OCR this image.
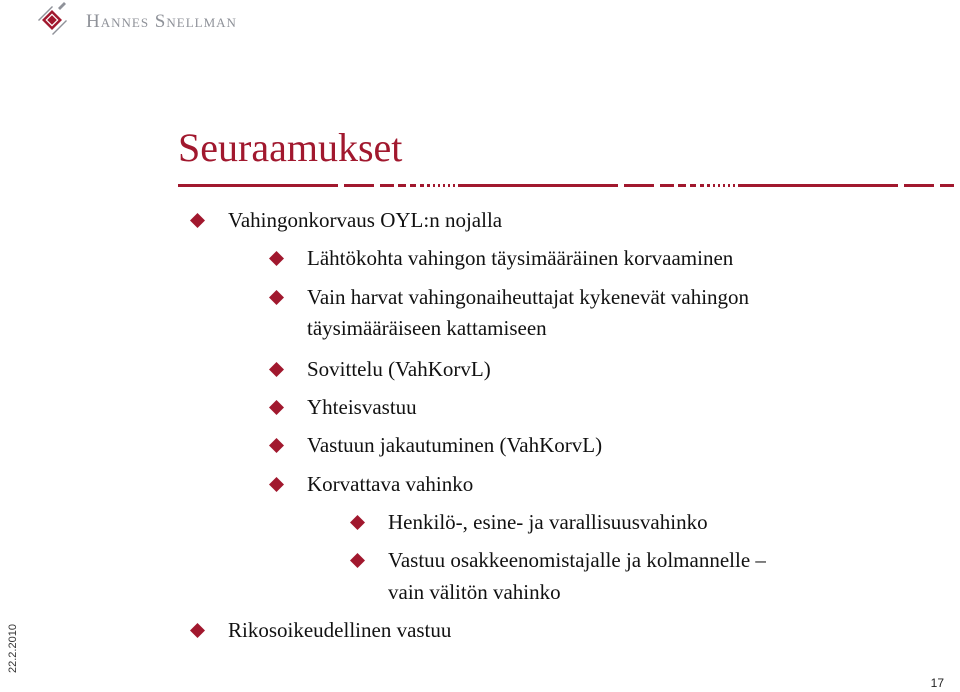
Hannes Snellman
Seuraamukset
Vahingonkorvaus OYL:n nojalla
Lähtökohta vahingon täysimääräinen korvaaminen
Vain harvat vahingonaiheuttajat kykenevät vahingon
täysimääräiseen kattamiseen
Sovittelu (VahKorvL)
Yhteisvastuu
Vastuun jakautuminen (VahKorvL)
Korvattava vahinko
Henkilö-, esine- ja varallisuusvahinko
Vastuu osakkeenomistajalle ja kolmannelle –
vain välitön vahinko
Rikosoikeudellinen vastuu
22.2.2010
17
